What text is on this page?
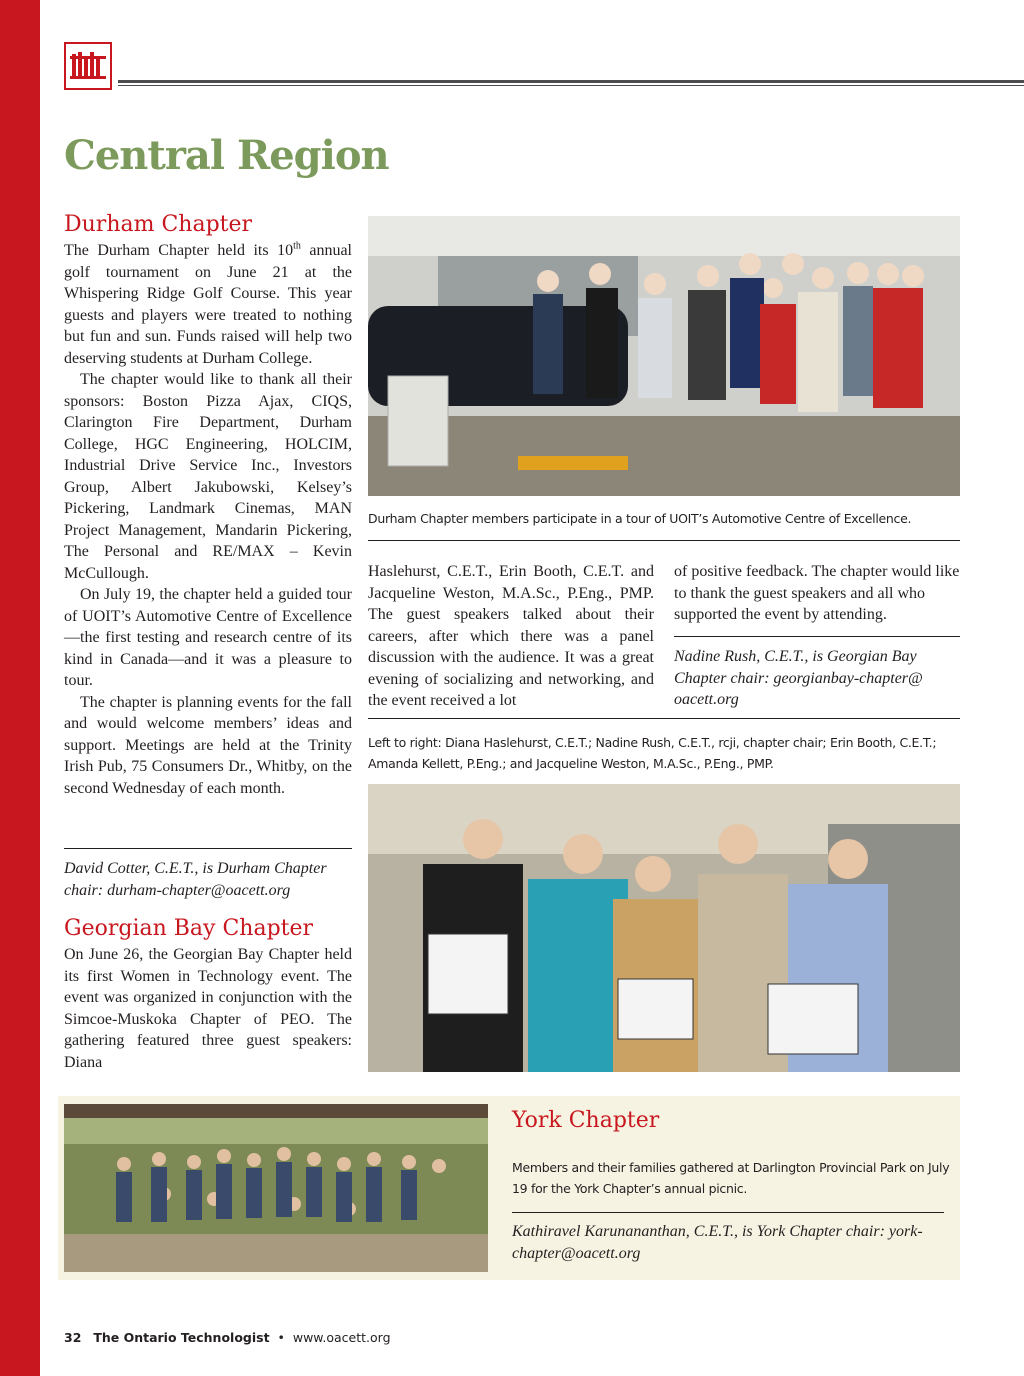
Central Region
Durham Chapter

The Durham Chapter held its 10th annual golf tournament on June 21 at the Whispering Ridge Golf Course. This year guests and players were treated to nothing but fun and sun. Funds raised will help two deserving students at Durham College.

The chapter would like to thank all their sponsors: Boston Pizza Ajax, CIQS, Clarington Fire Department, Durham College, HGC Engineering, HOLCIM, Industrial Drive Service Inc., Investors Group, Albert Jakubowski, Kelsey’s Pickering, Landmark Cinemas, MAN Project Management, Mandarin Pickering, The Personal and RE/MAX – Kevin McCullough.

On July 19, the chapter held a guided tour of UOIT’s Automotive Centre of Excellence—the first testing and research centre of its kind in Canada—and it was a pleasure to tour.

The chapter is planning events for the fall and would welcome members’ ideas and support. Meetings are held at the Trinity Irish Pub, 75 Consumers Dr., Whitby, on the second Wednesday of each month.

David Cotter, C.E.T., is Durham Chapter chair: durham-chapter@oacett.org
Georgian Bay Chapter

On June 26, the Georgian Bay Chapter held its first Women in Technology event. The event was organized in conjunction with the Simcoe-Muskoka Chapter of PEO. The gathering featured three guest speakers: Diana

Durham Chapter members participate in a tour of UOIT’s Automotive Centre of Excellence.

Haslehurst, C.E.T., Erin Booth, C.E.T. and Jacqueline Weston, M.A.Sc., P.Eng., PMP. The guest speakers talked about their careers, after which there was a panel discussion with the audience. It was a great evening of socializing and networking, and the event received a lot

of positive feedback. The chapter would like to thank the guest speakers and all who supported the event by attending.

Nadine Rush, C.E.T., is Georgian Bay Chapter chair: georgianbay-chapter@ oacett.org
Left to right: Diana Haslehurst, C.E.T.; Nadine Rush, C.E.T., rcji, chapter chair; Erin Booth, C.E.T.; Amanda Kellett, P.Eng.; and Jacqueline Weston, M.A.Sc., P.Eng., PMP.
York Chapter
Members and their families gathered at Darlington Provincial Park on July 19 for the York Chapter’s annual picnic.
Kathiravel Karunananthan, C.E.T., is York Chapter chair: york-chapter@oacett.org
32 The Ontario Technologist • www.oacett.org
